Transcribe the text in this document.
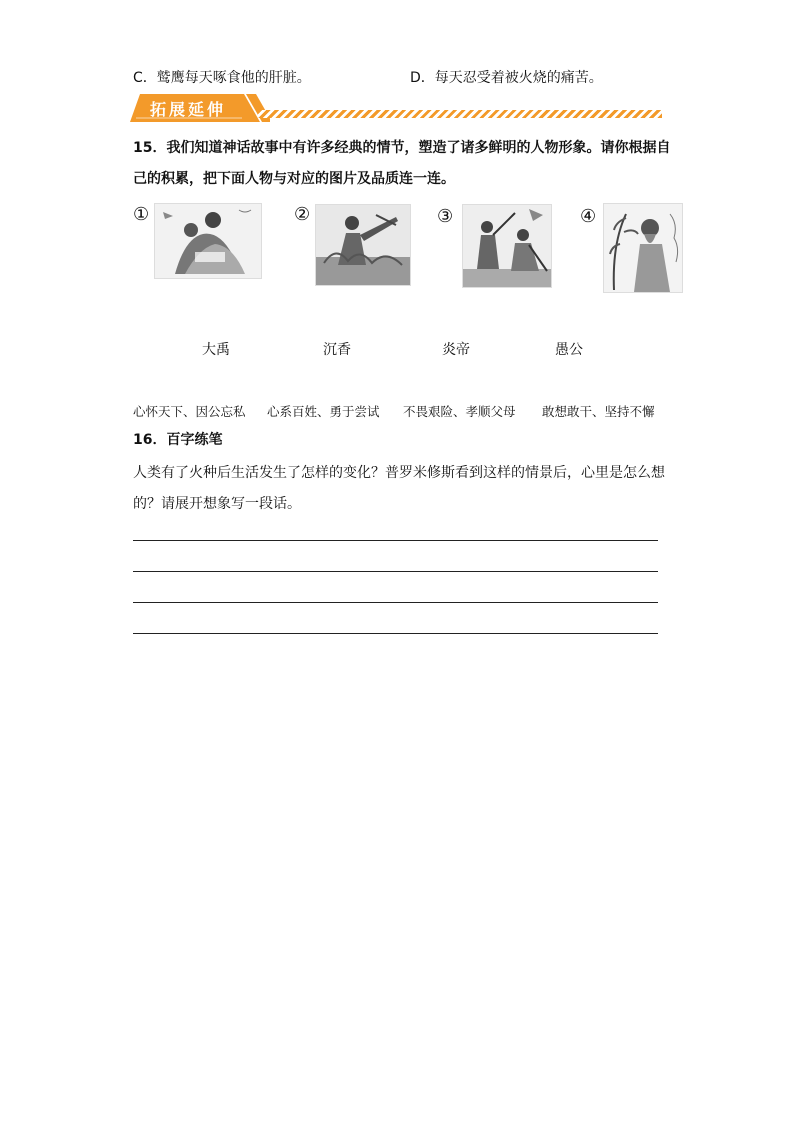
C．鹫鹰每天啄食他的肝脏。	D．每天忍受着被火烧的痛苦。
拓展延伸
15．我们知道神话故事中有许多经典的情节，塑造了诸多鲜明的人物形象。请你根据自
己的积累，把下面人物与对应的图片及品质连一连。
①	②	③	④
大禹	沉香	炎帝	愚公
心怀天下、因公忘私 心系百姓、勇于尝试 不畏艰险、孝顺父母 敢想敢干、坚持不懈
16．百字练笔
人类有了火种后生活发生了怎样的变化？普罗米修斯看到这样的情景后，心里是怎么想
的？请展开想象写一段话。
